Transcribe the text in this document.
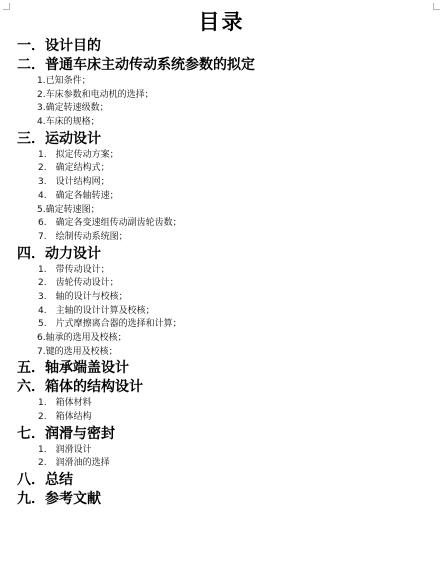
目录
一．设计目的
二．普通车床主动传动系统参数的拟定
1.已知条件；
2.车床参数和电动机的选择；
3.确定转速级数；
4.车床的规格；
三．运动设计
1.　拟定传动方案；
2.　确定结构式；
3.　设计结构网；
4.　确定各轴转速；
5.确定转速图；
6.　确定各变速组传动副齿轮齿数；
7.　绘制传动系统图；
四．动力设计
1.　带传动设计；
2.　齿轮传动设计；
3.　轴的设计与校核；
4.　主轴的设计计算及校核；
5.　片式摩擦离合器的选择和计算；
6.轴承的选用及校核；
7.键的选用及校核；
五．轴承端盖设计
六．箱体的结构设计
1.　箱体材料
2.　箱体结构
七．润滑与密封
1.　润滑设计
2.　润滑油的选择
八．总结
九．参考文献
